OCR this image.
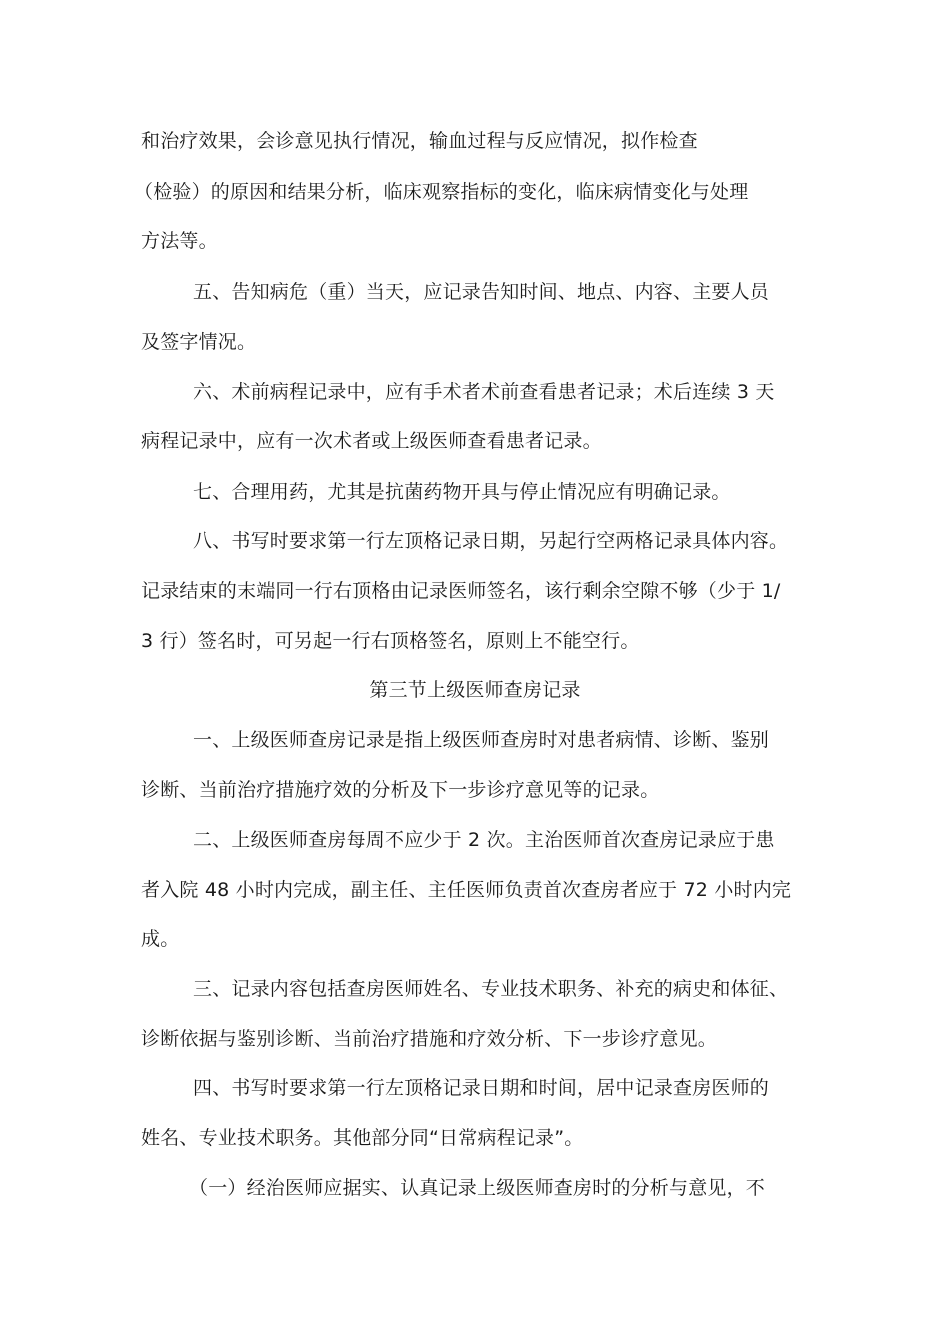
和治疗效果，会诊意见执行情况，输血过程与反应情况，拟作检查
（检验）的原因和结果分析，临床观察指标的变化，临床病情变化与处理
方法等。
五、告知病危（重）当天，应记录告知时间、地点、内容、主要人员
及签字情况。
六、术前病程记录中，应有手术者术前查看患者记录；术后连续 3 天
病程记录中，应有一次术者或上级医师查看患者记录。
七、合理用药，尤其是抗菌药物开具与停止情况应有明确记录。
八、书写时要求第一行左顶格记录日期，另起行空两格记录具体内容。
记录结束的末端同一行右顶格由记录医师签名，该行剩余空隙不够（少于 1/
3 行）签名时，可另起一行右顶格签名，原则上不能空行。
第三节上级医师查房记录
一、上级医师查房记录是指上级医师查房时对患者病情、诊断、鉴别
诊断、当前治疗措施疗效的分析及下一步诊疗意见等的记录。
二、上级医师查房每周不应少于 2 次。主治医师首次查房记录应于患
者入院 48 小时内完成，副主任、主任医师负责首次查房者应于 72 小时内完
成。
三、记录内容包括查房医师姓名、专业技术职务、补充的病史和体征、
诊断依据与鉴别诊断、当前治疗措施和疗效分析、下一步诊疗意见。
四、书写时要求第一行左顶格记录日期和时间，居中记录查房医师的
姓名、专业技术职务。其他部分同“日常病程记录”。
（一）经治医师应据实、认真记录上级医师查房时的分析与意见，不
